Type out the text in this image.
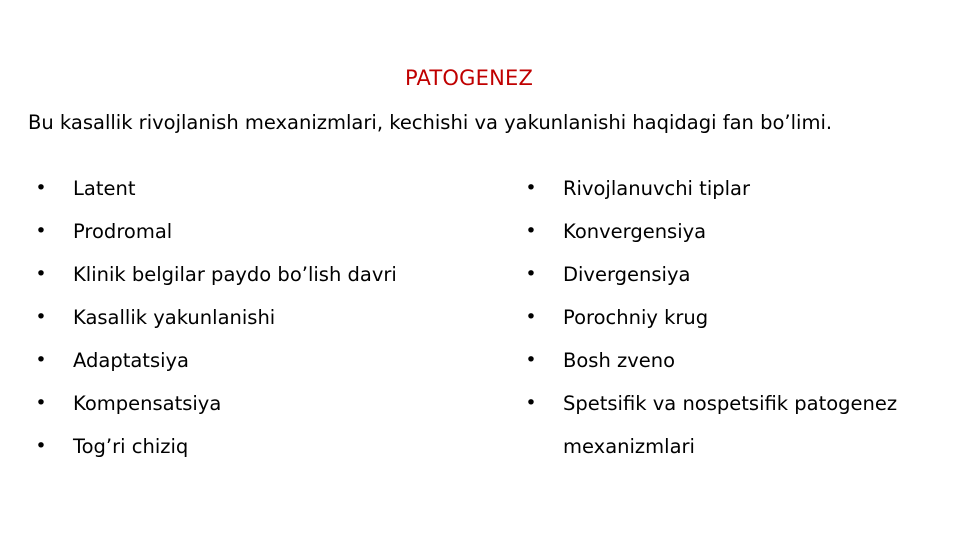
PATOGENEZ
Bu kasallik rivojlanish mexanizmlari, kechishi va yakunlanishi haqidagi fan bo’limi.
• Latent
• Prodromal
• Klinik belgilar paydo bo’lish davri
• Kasallik yakunlanishi
• Adaptatsiya
• Kompensatsiya
• Tog’ri chiziq
• Rivojlanuvchi tiplar
• Konvergensiya
• Divergensiya
• Porochniy krug
• Bosh zveno
• Spetsifik va nospetsifik patogenez
mexanizmlari
